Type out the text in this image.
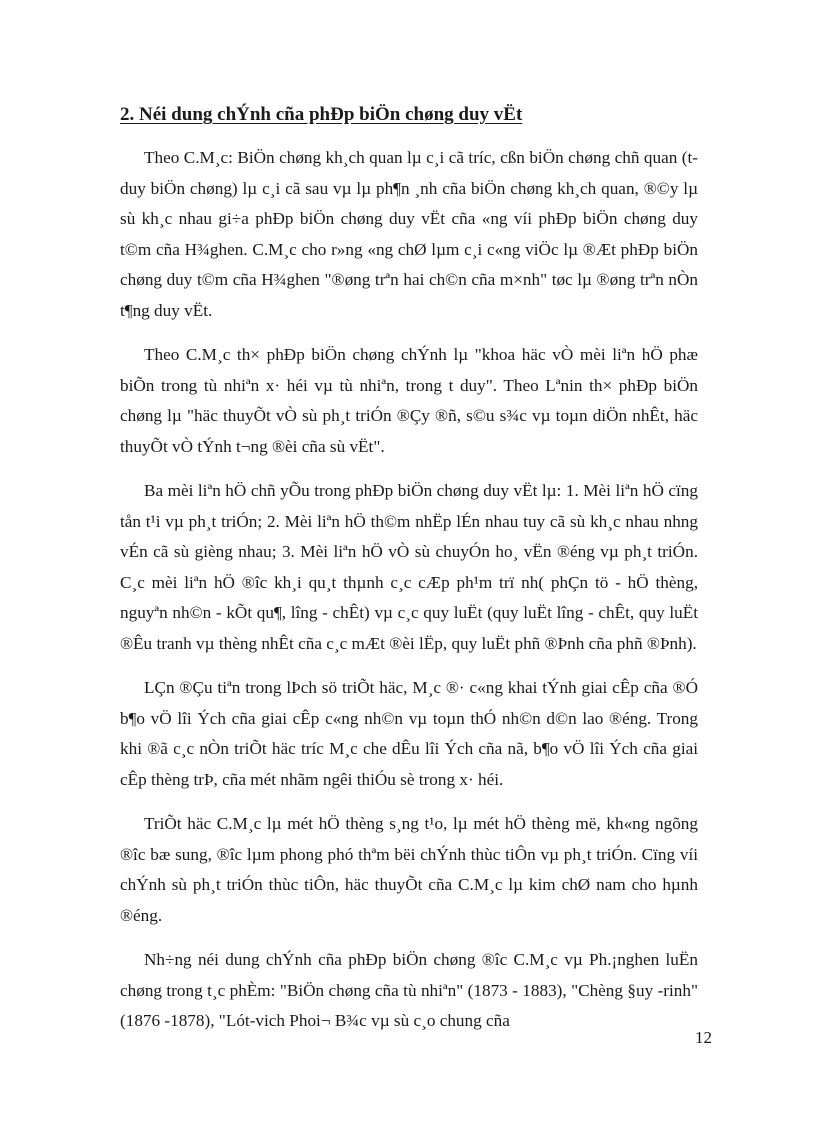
2. Néi dung chÝnh cña phĐp biÖn chøng duy vËt

Theo C.M¸c: BiÖn chøng kh¸ch quan lµ c¸i cã tríc, cßn biÖn chøng chñ quan (t duy biÖn chøng) lµ c¸i cã sau vµ lµ ph¶n ¸nh cña biÖn chøng kh¸ch quan, ®©y lµ sù kh¸c nhau gi÷a phĐp biÖn chøng duy vËt cña «ng víi phĐp biÖn chøng duy t©m cña H¾ghen. C.M¸c cho r»ng «ng chØ lµm c¸i c«ng viÖc lµ ®Æt phĐp biÖn chøng duy t©m cña H¾ghen "®øng trªn hai ch©n cña m×nh" tøc lµ ®øng trªn nÒn t¶ng duy vËt.

Theo C.M¸c th× phĐp biÖn chøng chÝnh lµ "khoa häc vÒ mèi liªn hÖ phæ biÕn trong tù nhiªn x· héi vµ tù nhiªn, trong t duy". Theo Lªnin th× phĐp biÖn chøng lµ "häc thuyÕt vÒ sù ph¸t triÓn ®Çy ®ñ, s©u s¾c vµ toµn diÖn nhÊt, häc thuyÕt vÒ tÝnh t¬ng ®èi cña sù vËt".

Ba mèi liªn hÖ chñ yÕu trong phĐp biÖn chøng duy vËt lµ: 1. Mèi liªn hÖ cïng tån t¹i vµ ph¸t triÓn; 2. Mèi liªn hÖ th©m nhËp lÉn nhau tuy cã sù kh¸c nhau nhng vÉn cã sù gièng nhau; 3. Mèi liªn hÖ vÒ sù chuyÓn ho¸ vËn ®éng vµ ph¸t triÓn. C¸c mèi liªn hÖ ®îc kh¸i qu¸t thµnh c¸c cÆp ph¹m trï nh( phÇn tö - hÖ thèng, nguyªn nh©n - kÕt qu¶, lîng - chÊt) vµ c¸c quy luËt (quy luËt lîng - chÊt, quy luËt ®Êu tranh vµ thèng nhÊt cña c¸c mÆt ®èi lËp, quy luËt phñ ®Þnh cña phñ ®Þnh).

LÇn ®Çu tiªn trong lÞch sö triÕt häc, M¸c ®· c«ng khai tÝnh giai cÊp cña ®Ó b¶o vÖ lîi Ých cña giai cÊp c«ng nh©n vµ toµn thÓ nh©n d©n lao ®éng. Trong khi ®ã c¸c nÒn triÕt häc tríc M¸c che dÊu lîi Ých cña nã, b¶o vÖ lîi Ých cña giai cÊp thèng trÞ, cña mét nhãm ngêi thiÓu sè trong x· héi.

TriÕt häc C.M¸c lµ mét hÖ thèng s¸ng t¹o, lµ mét hÖ thèng më, kh«ng ngõng ®îc bæ sung, ®îc lµm phong phó thªm bëi chÝnh thùc tiÔn vµ ph¸t triÓn. Cïng víi chÝnh sù ph¸t triÓn thùc tiÔn, häc thuyÕt cña C.M¸c lµ kim chØ nam cho hµnh ®éng.

Nh÷ng néi dung chÝnh cña phĐp biÖn chøng ®îc C.M¸c vµ Ph.¡nghen luËn chøng trong t¸c phÈm: "BiÖn chøng cña tù nhiªn" (1873 - 1883), "Chèng §uy -rinh" (1876 -1878), "Lót-vich Phoi¬ B¾c vµ sù c¸o chung cña

12
